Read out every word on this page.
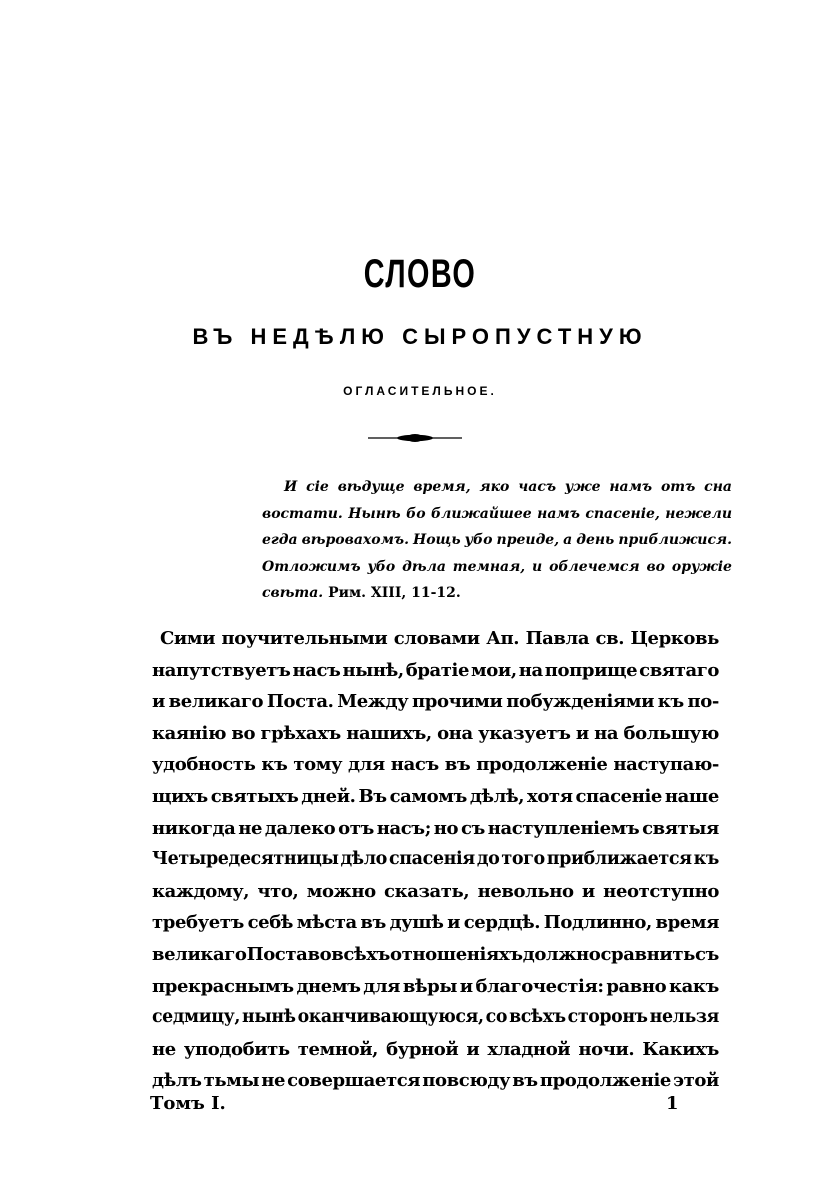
СЛОВО
ВЪ НЕДѢЛЮ СЫРОПУСТНУЮ
ОГЛАСИТЕЛЬНОЕ.
И сіе вѣдуще время, яко часъ уже намъ отъ сна
востати. Нынѣ бо ближайшее намъ спасеніе, нежели
егда вѣровахомъ. Нощь убо преиде, а день приближися.
Отложимъ убо дѣла темная, и облечемся во оружіе
свѣта. Рим. XIII, 11-12.
Сими поучительными словами Ап. Павла св. Церковь
напутствуетъ насъ нынѣ, братіе мои, на поприще святаго
и великаго Поста. Между прочими побужденіями къ по-
каянію во грѣхахъ нашихъ, она указуетъ и на большую
удобность къ тому для насъ въ продолженіе наступаю-
щихъ святыхъ дней. Въ самомъ дѣлѣ, хотя спасеніе наше
никогда не далеко отъ насъ; но съ наступленіемъ святыя
Четыредесятницы дѣло спасенія до того приближается къ
каждому, что, можно сказать, невольно и неотступно
требуетъ себѣ мѣста въ душѣ и сердцѣ. Подлинно, время
великаго Поста во всѣхъ отношеніяхъ должно сравнить съ
прекраснымъ днемъ для вѣры и благочестія: равно какъ
седмицу, нынѣ оканчивающуюся, со всѣхъ сторонъ нельзя
не уподобить темной, бурной и хладной ночи. Какихъ
дѣлъ тьмы не совершается повсюду въ продолженіе этой
Томъ I.	1
